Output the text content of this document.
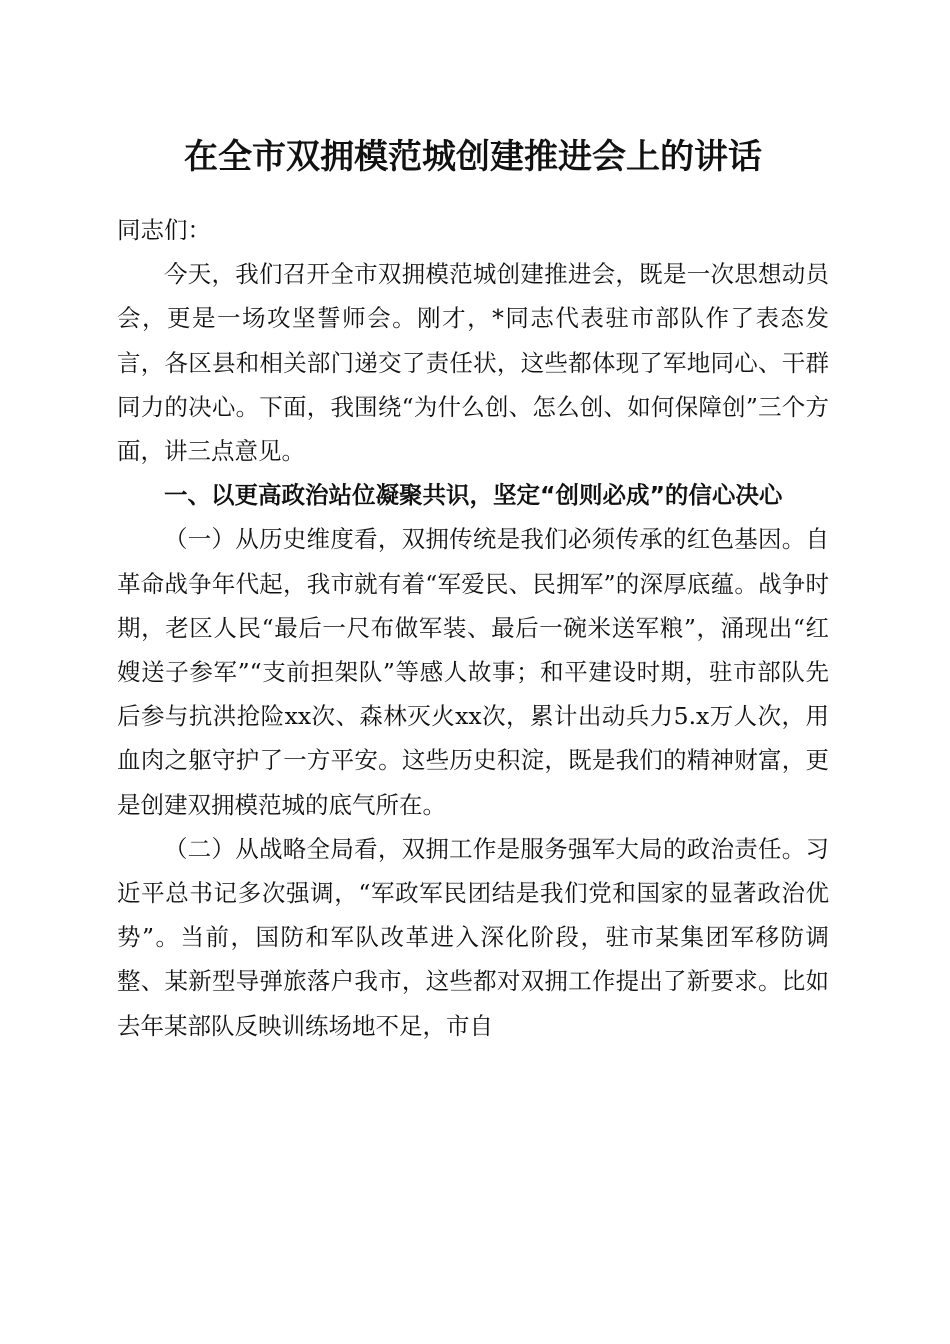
在全市双拥模范城创建推进会上的讲话

同志们：

今天，我们召开全市双拥模范城创建推进会，既是一次思想动员会，更是一场攻坚誓师会。刚才，*同志代表驻市部队作了表态发言，各区县和相关部门递交了责任状，这些都体现了军地同心、干群同力的决心。下面，我围绕“为什么创、怎么创、如何保障创”三个方面，讲三点意见。

一、以更高政治站位凝聚共识，坚定“创则必成”的信心决心

（一）从历史维度看，双拥传统是我们必须传承的红色基因。自革命战争年代起，我市就有着“军爱民、民拥军”的深厚底蕴。战争时期，老区人民“最后一尺布做军装、最后一碗米送军粮”，涌现出“红嫂送子参军”“支前担架队”等感人故事；和平建设时期，驻市部队先后参与抗洪抢险xx次、森林灭火xx次，累计出动兵力5.x万人次，用血肉之躯守护了一方平安。这些历史积淀，既是我们的精神财富，更是创建双拥模范城的底气所在。

（二）从战略全局看，双拥工作是服务强军大局的政治责任。习近平总书记多次强调，“军政军民团结是我们党和国家的显著政治优势”。当前，国防和军队改革进入深化阶段，驻市某集团军移防调整、某新型导弹旅落户我市，这些都对双拥工作提出了新要求。比如去年某部队反映训练场地不足，市自
